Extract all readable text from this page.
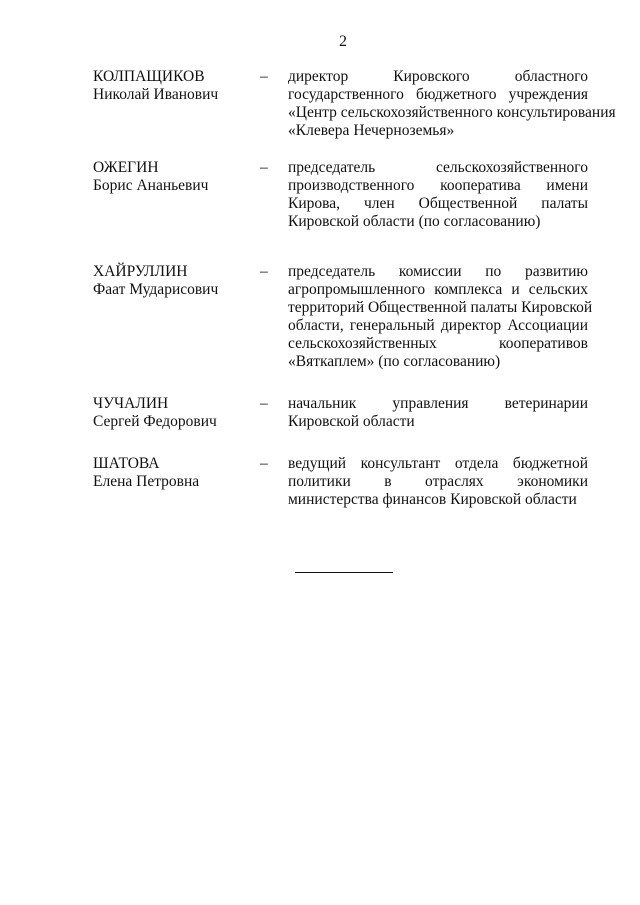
2
КОЛПАЩИКОВ
Николай Иванович
– директор Кировского областного
государственного бюджетного учреждения
«Центр сельскохозяйственного консультирования
«Клевера Нечерноземья»
ОЖЕГИН
Борис Ананьевич
– председатель сельскохозяйственного
производственного кооператива имени
Кирова, член Общественной палаты
Кировской области (по согласованию)
ХАЙРУЛЛИН
Фаат Мударисович
– председатель комиссии по развитию
агропромышленного комплекса и сельских
территорий Общественной палаты Кировской
области, генеральный директор Ассоциации
сельскохозяйственных кооперативов
«Вяткаплем» (по согласованию)
ЧУЧАЛИН
Сергей Федорович
– начальник управления ветеринарии
Кировской области
ШАТОВА
Елена Петровна
– ведущий консультант отдела бюджетной
политики в отраслях экономики
министерства финансов Кировской области
